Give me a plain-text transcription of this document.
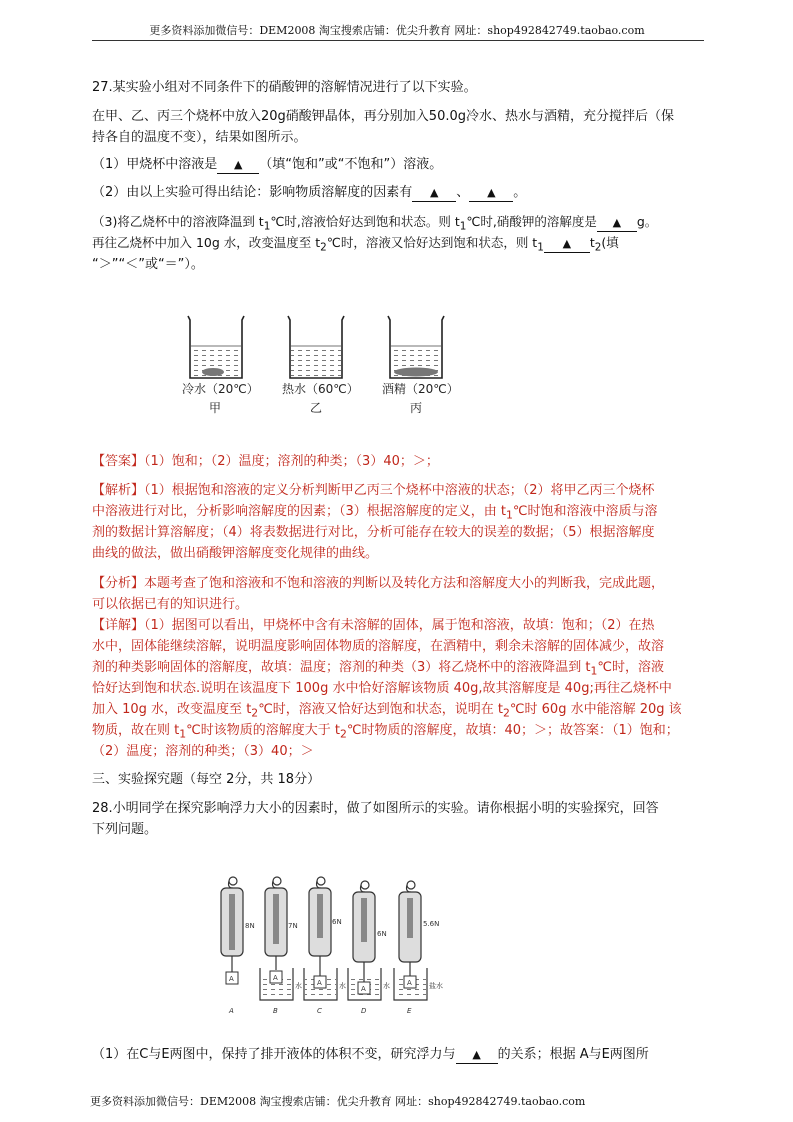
更多资料添加微信号：DEM2008 淘宝搜索店铺：优尖升教育 网址：shop492842749.taobao.com

27.某实验小组对不同条件下的硝酸钾的溶解情况进行了以下实验。

在甲、乙、丙三个烧杯中放入20g硝酸钾晶体，再分别加入50.0g冷水、热水与酒精，充分搅拌后（保

持各自的温度不变），结果如图所示。

（1）甲烧杯中溶液是 ▲ （填“饱和”或“不饱和”）溶液。

（2）由以上实验可得出结论：影响物质溶解度的因素有 ▲ 、 ▲ 。

（3)将乙烧杯中的溶液降温到 $t_1℃$时,溶液恰好达到饱和状态。则 $t_1℃$时,硝酸钾的溶解度是 ▲ g。

再往乙烧杯中加入 10g 水，改变温度至 $t_2℃$时，溶液又恰好达到饱和状态，则 $t_1$ ▲ $t_2$(填

“＞”“＜”或“＝”）。

冷水（20℃）
甲
热水（60℃）
乙
酒精（20℃）
丙

【答案】（1）饱和；（2）温度；溶剂的种类；（3）40；＞；

【解析】（1）根据饱和溶液的定义分析判断甲乙丙三个烧杯中溶液的状态；（2）将甲乙丙三个烧杯

中溶液进行对比，分析影响溶解度的因素；（3）根据溶解度的定义，由 $t_1℃$时饱和溶液中溶质与溶

剂的数据计算溶解度；（4）将表数据进行对比，分析可能存在较大的误差的数据；（5）根据溶解度

曲线的做法，做出硝酸钾溶解度变化规律的曲线。

【分析】本题考查了饱和溶液和不饱和溶液的判断以及转化方法和溶解度大小的判断我，完成此题，

可以依据已有的知识进行。

【详解】（1）据图可以看出，甲烧杯中含有未溶解的固体，属于饱和溶液，故填：饱和；（2）在热

水中，固体能继续溶解，说明温度影响固体物质的溶解度，在酒精中，剩余未溶解的固体减少，故溶

剂的种类影响固体的溶解度，故填：温度；溶剂的种类（3）将乙烧杯中的溶液降温到 $t_1℃$时，溶液

恰好达到饱和状态.说明在该温度下 100g 水中恰好溶解该物质 40g,故其溶解度是 40g;再往乙烧杯中

加入 10g 水，改变温度至 $t_2℃$时，溶液又恰好达到饱和状态，说明在 $t_2℃$时 60g 水中能溶解 20g 该

物质，故在则 $t_1℃$时该物质的溶解度大于 $t_2℃$时物质的溶解度，故填：40；＞；故答案：（1）饱和；

（2）温度；溶剂的种类；（3）40；＞

三、实验探究题（每空 2分，共 18分）

28.小明同学在探究影响浮力大小的因素时，做了如图所示的实验。请你根据小明的实验探究，回答

下列问题。

8N
A
A
7N
A
水
B
6N
A 水
C
6N
A 水
D
5.6N
A 盐水
E

（1）在C与E两图中，保持了排开液体的体积不变，研究浮力与 ▲ 的关系；根据 A与E两图所

更多资料添加微信号：DEM2008 淘宝搜索店铺：优尖升教育 网址：shop492842749.taobao.com
